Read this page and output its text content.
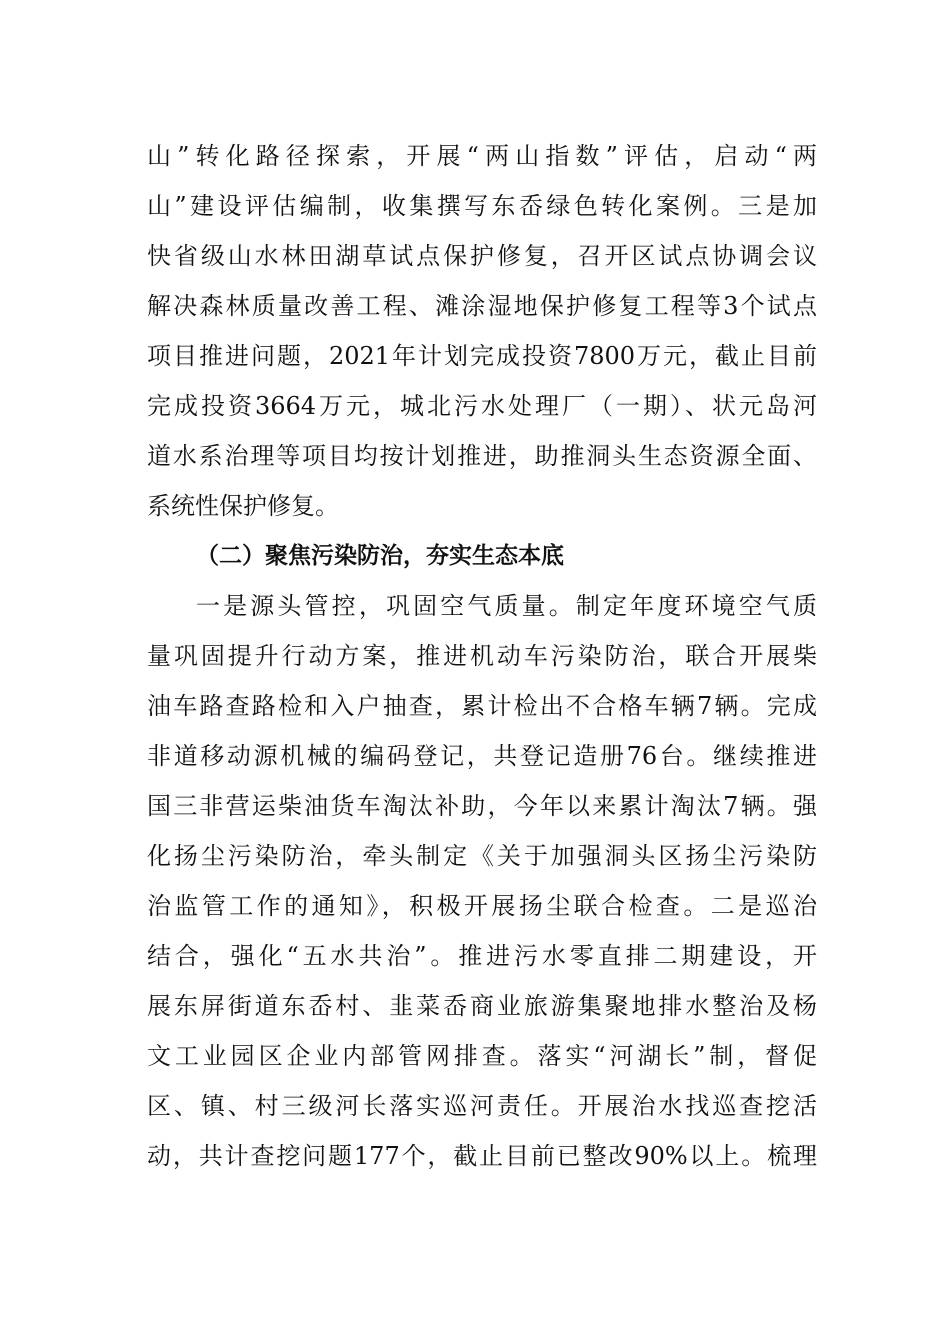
山”转化路径探索，开展“两山指数”评估，启动“两
山”建设评估编制，收集撰写东岙绿色转化案例。三是加
快省级山水林田湖草试点保护修复，召开区试点协调会议
解决森林质量改善工程、滩涂湿地保护修复工程等3个试点
项目推进问题，2021年计划完成投资7800万元，截止目前
完成投资3664万元，城北污水处理厂（一期）、状元岛河
道水系治理等项目均按计划推进，助推洞头生态资源全面、
系统性保护修复。
（二）聚焦污染防治，夯实生态本底
一是源头管控，巩固空气质量。制定年度环境空气质
量巩固提升行动方案，推进机动车污染防治，联合开展柴
油车路查路检和入户抽查，累计检出不合格车辆7辆。完成
非道移动源机械的编码登记，共登记造册76台。继续推进
国三非营运柴油货车淘汰补助，今年以来累计淘汰7辆。强
化扬尘污染防治，牵头制定《关于加强洞头区扬尘污染防
治监管工作的通知》，积极开展扬尘联合检查。二是巡治
结合，强化“五水共治”。推进污水零直排二期建设，开
展东屏街道东岙村、韭菜岙商业旅游集聚地排水整治及杨
文工业园区企业内部管网排查。落实“河湖长”制，督促
区、镇、村三级河长落实巡河责任。开展治水找巡查挖活
动，共计查挖问题177个，截止目前已整改90%以上。梳理
